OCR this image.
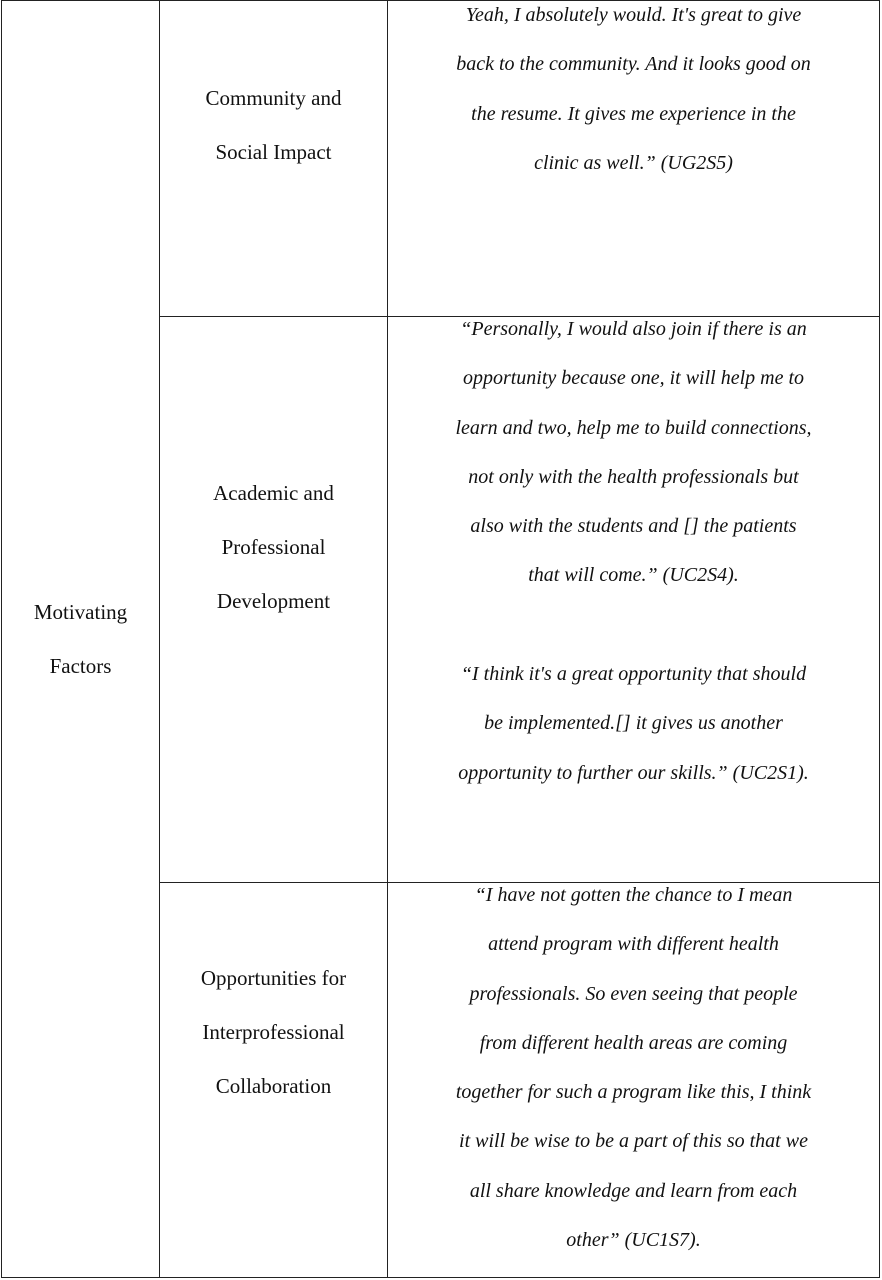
Motivating
Factors
Community and
Social Impact
Yeah, I absolutely would. It's great to give
back to the community. And it looks good on
the resume. It gives me experience in the
clinic as well.” (UG2S5)
Academic and
Professional
Development
“Personally, I would also join if there is an
opportunity because one, it will help me to
learn and two, help me to build connections,
not only with the health professionals but
also with the students and [] the patients
that will come.” (UC2S4).
“I think it's a great opportunity that should
be implemented.[] it gives us another
opportunity to further our skills.” (UC2S1).
Opportunities for
Interprofessional
Collaboration
“I have not gotten the chance to I mean
attend program with different health
professionals. So even seeing that people
from different health areas are coming
together for such a program like this, I think
it will be wise to be a part of this so that we
all share knowledge and learn from each
other” (UC1S7).
